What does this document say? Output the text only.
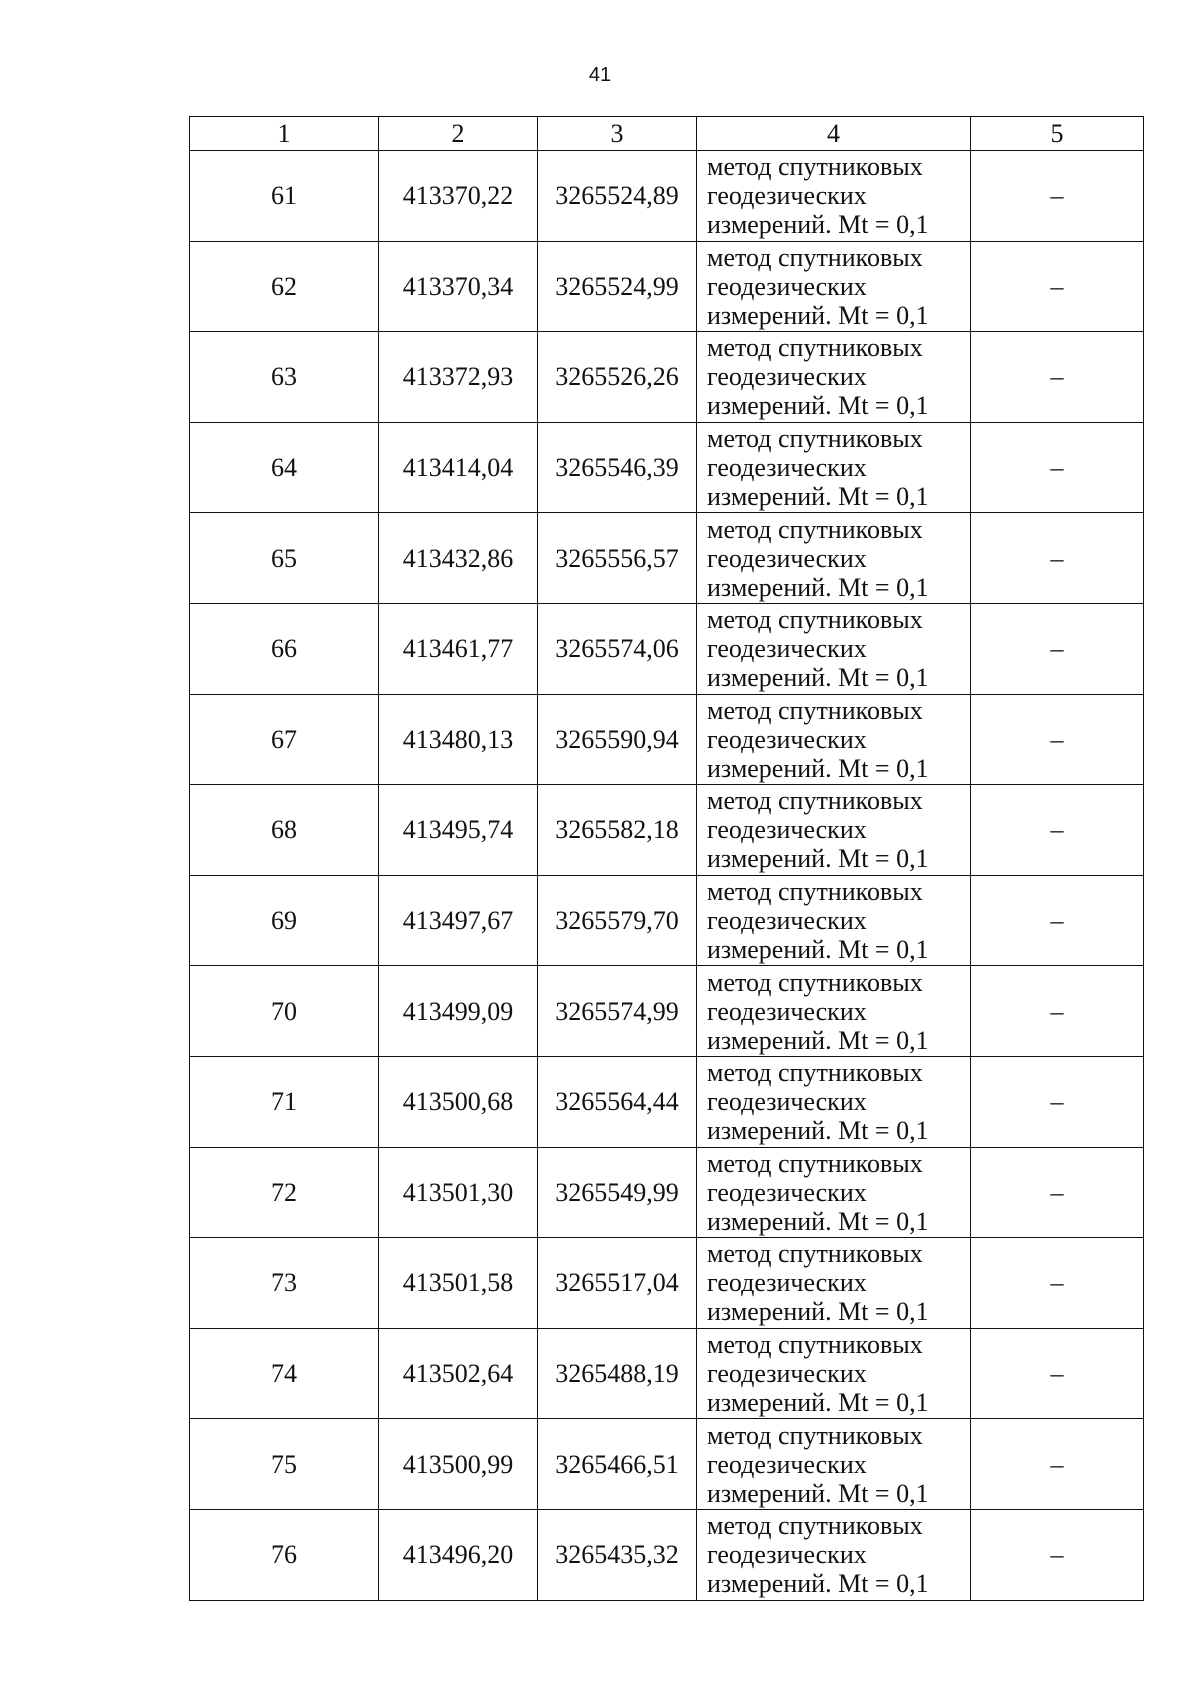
41
1	2	3	4	5
61	413370,22	3265524,89	метод спутниковых
геодезических
измерений. Mt = 0,1	–
62	413370,34	3265524,99	метод спутниковых
геодезических
измерений. Mt = 0,1	–
63	413372,93	3265526,26	метод спутниковых
геодезических
измерений. Mt = 0,1	–
64	413414,04	3265546,39	метод спутниковых
геодезических
измерений. Mt = 0,1	–
65	413432,86	3265556,57	метод спутниковых
геодезических
измерений. Mt = 0,1	–
66	413461,77	3265574,06	метод спутниковых
геодезических
измерений. Mt = 0,1	–
67	413480,13	3265590,94	метод спутниковых
геодезических
измерений. Mt = 0,1	–
68	413495,74	3265582,18	метод спутниковых
геодезических
измерений. Mt = 0,1	–
69	413497,67	3265579,70	метод спутниковых
геодезических
измерений. Mt = 0,1	–
70	413499,09	3265574,99	метод спутниковых
геодезических
измерений. Mt = 0,1	–
71	413500,68	3265564,44	метод спутниковых
геодезических
измерений. Mt = 0,1	–
72	413501,30	3265549,99	метод спутниковых
геодезических
измерений. Mt = 0,1	–
73	413501,58	3265517,04	метод спутниковых
геодезических
измерений. Mt = 0,1	–
74	413502,64	3265488,19	метод спутниковых
геодезических
измерений. Mt = 0,1	–
75	413500,99	3265466,51	метод спутниковых
геодезических
измерений. Mt = 0,1	–
76	413496,20	3265435,32	метод спутниковых
геодезических
измерений. Mt = 0,1	–
